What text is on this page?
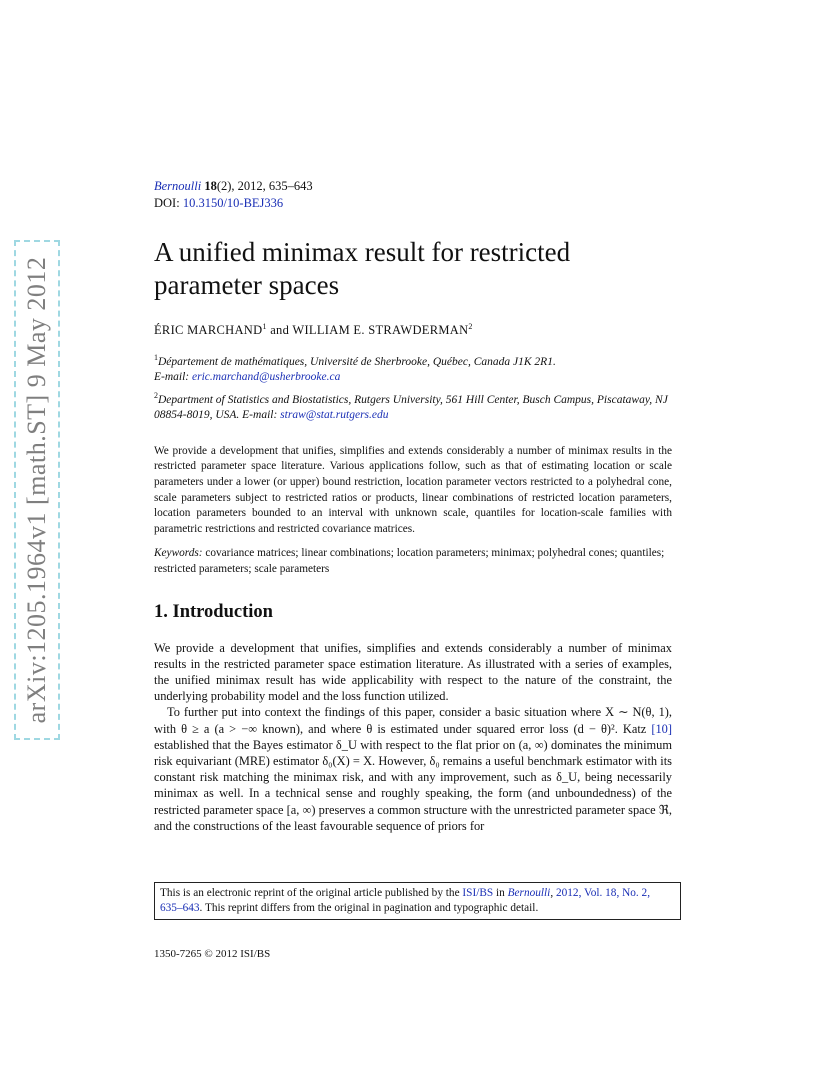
arXiv:1205.1964v1 [math.ST] 9 May 2012
Bernoulli 18(2), 2012, 635–643
DOI: 10.3150/10-BEJ336
A unified minimax result for restricted parameter spaces
ÉRIC MARCHAND$^1$ and WILLIAM E. STRAWDERMAN$^2$
$^1$Département de mathématiques, Université de Sherbrooke, Québec, Canada J1K 2R1.
E-mail: eric.marchand@usherbrooke.ca
$^2$Department of Statistics and Biostatistics, Rutgers University, 561 Hill Center, Busch Campus, Piscataway, NJ 08854-8019, USA. E-mail: straw@stat.rutgers.edu
We provide a development that unifies, simplifies and extends considerably a number of minimax results in the restricted parameter space literature. Various applications follow, such as that of estimating location or scale parameters under a lower (or upper) bound restriction, location parameter vectors restricted to a polyhedral cone, scale parameters subject to restricted ratios or products, linear combinations of restricted location parameters, location parameters bounded to an interval with unknown scale, quantiles for location-scale families with parametric restrictions and restricted covariance matrices.
Keywords: covariance matrices; linear combinations; location parameters; minimax; polyhedral cones; quantiles; restricted parameters; scale parameters
1. Introduction

We provide a development that unifies, simplifies and extends considerably a number of minimax results in the restricted parameter space estimation literature. As illustrated with a series of examples, the unified minimax result has wide applicability with respect to the nature of the constraint, the underlying probability model and the loss function utilized.

To further put into context the findings of this paper, consider a basic situation where X ∼ N(θ, 1), with θ ≥ a (a > −∞ known), and where θ is estimated under squared error loss (d − θ)². Katz [10] established that the Bayes estimator δ_U with respect to the flat prior on (a, ∞) dominates the minimum risk equivariant (MRE) estimator δ₀(X) = X. However, δ₀ remains a useful benchmark estimator with its constant risk matching the minimax risk, and with any improvement, such as δ_U, being necessarily minimax as well. In a technical sense and roughly speaking, the form (and unboundedness) of the restricted parameter space [a, ∞) preserves a common structure with the unrestricted parameter space ℜ, and the constructions of the least favourable sequence of priors for

This is an electronic reprint of the original article published by the ISI/BS in Bernoulli, 2012, Vol. 18, No. 2, 635–643. This reprint differs from the original in pagination and typographic detail.
1350-7265 © 2012 ISI/BS
